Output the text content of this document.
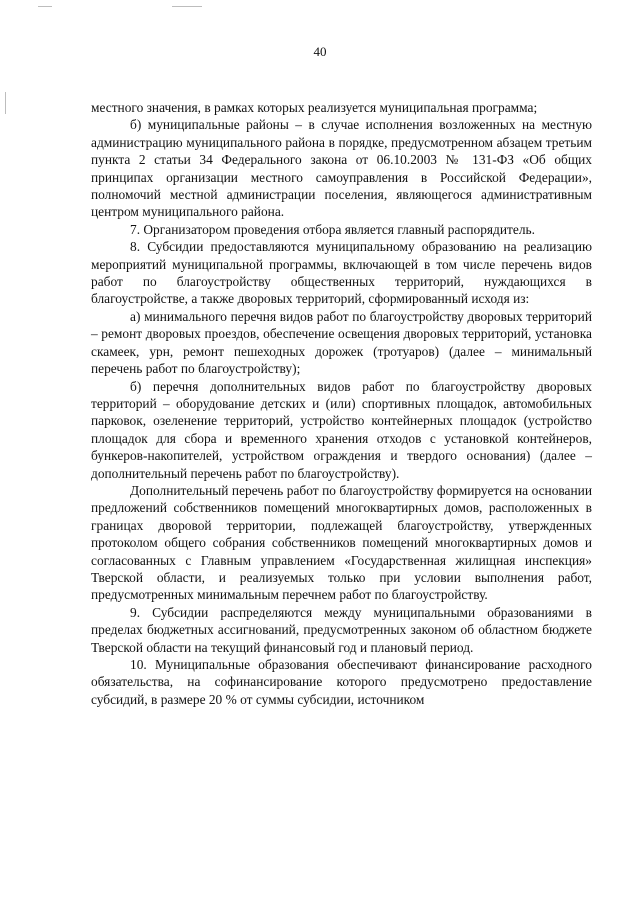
40

местного значения, в рамках которых реализуется муниципальная программа;

б) муниципальные районы – в случае исполнения возложенных на местную администрацию муниципального района в порядке, предусмотренном абзацем третьим пункта 2 статьи 34 Федерального закона от 06.10.2003 № 131-ФЗ «Об общих принципах организации местного самоуправления в Российской Федерации», полномочий местной администрации поселения, являющегося административным центром муниципального района.

7. Организатором проведения отбора является главный распорядитель.

8. Субсидии предоставляются муниципальному образованию на реализацию мероприятий муниципальной программы, включающей в том числе перечень видов работ по благоустройству общественных территорий, нуждающихся в благоустройстве, а также дворовых территорий, сформированный исходя из:

а) минимального перечня видов работ по благоустройству дворовых территорий – ремонт дворовых проездов, обеспечение освещения дворовых территорий, установка скамеек, урн, ремонт пешеходных дорожек (тротуаров) (далее – минимальный перечень работ по благоустройству);

б) перечня дополнительных видов работ по благоустройству дворовых территорий – оборудование детских и (или) спортивных площадок, автомобильных парковок, озеленение территорий, устройство контейнерных площадок (устройство площадок для сбора и временного хранения отходов с установкой контейнеров, бункеров-накопителей, устройством ограждения и твердого основания) (далее – дополнительный перечень работ по благоустройству).

Дополнительный перечень работ по благоустройству формируется на основании предложений собственников помещений многоквартирных домов, расположенных в границах дворовой территории, подлежащей благоустройству, утвержденных протоколом общего собрания собственников помещений многоквартирных домов и согласованных с Главным управлением «Государственная жилищная инспекция» Тверской области, и реализуемых только при условии выполнения работ, предусмотренных минимальным перечнем работ по благоустройству.

9. Субсидии распределяются между муниципальными образованиями в пределах бюджетных ассигнований, предусмотренных законом об областном бюджете Тверской области на текущий финансовый год и плановый период.

10. Муниципальные образования обеспечивают финансирование расходного обязательства, на софинансирование которого предусмотрено предоставление субсидий, в размере 20 % от суммы субсидии, источником
